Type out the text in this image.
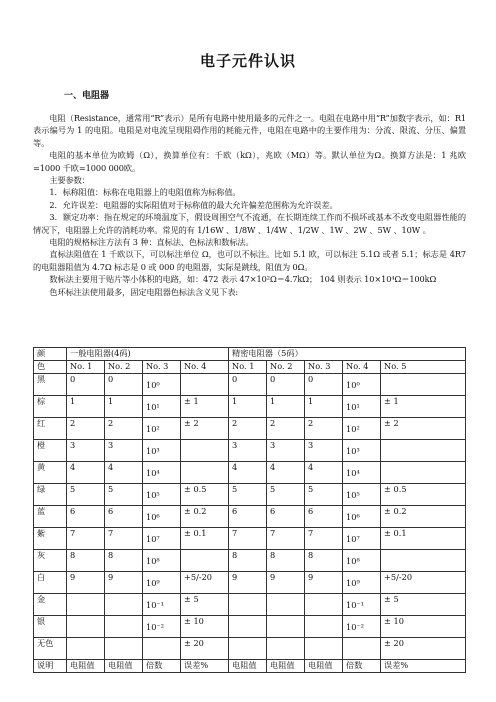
电子元件认识
一、电阻器

电阻（Resistance，通常用“R”表示）是所有电路中使用最多的元件之一。电阻在电路中用“R”加数字表示，如：R1 表示编号为 1 的电阻。电阻是对电流呈现阻碍作用的耗能元件，电阻在电路中的主要作用为：分流、限流、分压、偏置等。

电阻的基本单位为欧姆（Ω），换算单位有：千欧（kΩ），兆欧（MΩ）等。默认单位为Ω。换算方法是：1 兆欧=1000 千欧=1000 000欧。

主要参数：

1．标称阻值：标称在电阻器上的电阻值称为标称值。

2．允许误差：电阻器的实际阻值对于标称值的最大允许偏差范围称为允许误差。

3．额定功率：指在规定的环境温度下，假设周围空气不流通，在长期连续工作而不损坏或基本不改变电阻器性能的情况下，电阻器上允许的消耗功率。常见的有 1/16W 、1/8W 、1/4W 、1/2W 、1W 、2W 、5W 、10W 。

电阻的规格标注方法有 3 种：直标法、色标法和数标法。

直标法阻值在 1 千欧以下，可以标注单位 Ω，也可以不标注。比如 5.1 欧，可以标注 5.1Ω 或者 5.1；标志是 4R7 的电阻器阻值为 4.7Ω 标志是 0 或 000 的电阻器，实际是跳线，阻值为 0Ω。

数标法主要用于贴片等小体积的电路，如：472 表示 47×10²Ω＝4.7kΩ； 104 则表示 10×10⁴Ω＝100kΩ

色环标注法使用最多，固定电阻器色标法含义见下表:

颜	一般电阻器(4码)				精密电阻器（5码）				
色	No. 1	No. 2	No. 3	No. 4	No. 1	No. 2	No. 3	No. 4	No. 5
黑	0	0	10⁰		0	0	0	10⁰	
棕	1	1	10¹	± 1	1	1	1	10¹	± 1
红	2	2	10²	± 2	2	2	2	10²	± 2
橙	3	3	10³		3	3	3	10³	
黄	4	4	10⁴		4	4	4	10⁴	
绿	5	5	10⁵	± 0.5	5	5	5	10⁵	± 0.5
蓝	6	6	10⁶	± 0.2	6	6	6	10⁶	± 0.2
紫	7	7	10⁷	± 0.1	7	7	7	10⁷	± 0.1
灰	8	8	10⁸		8	8	8	10⁸	
白	9	9	10⁹	+5/-20	9	9	9	10⁹	+5/-20
金			10⁻¹	± 5				10⁻¹	± 5
银			10⁻²	± 10				10⁻²	± 10
无色				± 20					± 20
说明	电阻值	电阻值	倍数	误差%	电阻值	电阻值	电阻值	倍数	误差%
